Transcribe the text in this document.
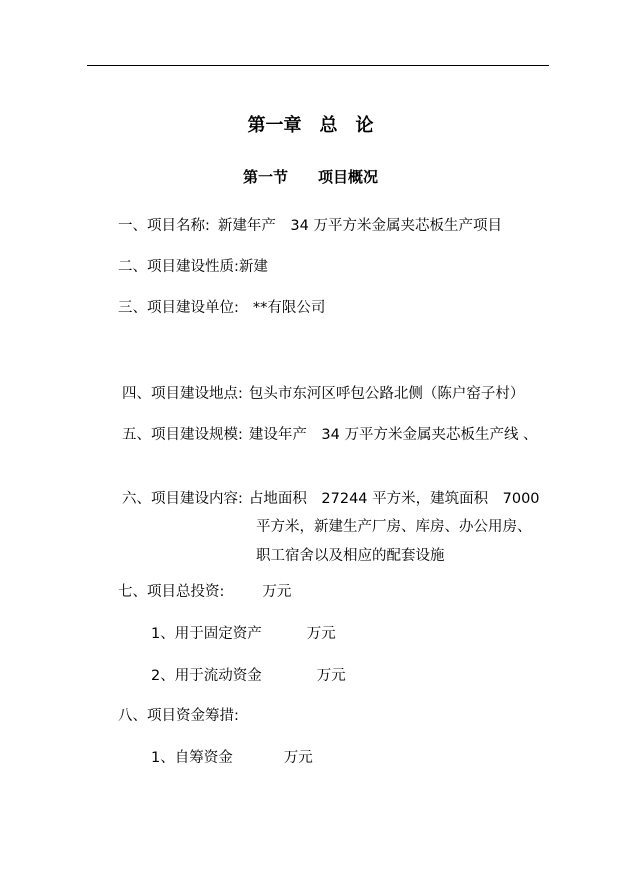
第一章　总　论
第一节　　项目概况
一、项目名称: 新建年产　34 万平方米金属夹芯板生产项目
二、项目建设性质:新建
三、项目建设单位: **有限公司
四、项目建设地点: 包头市东河区呼包公路北侧（陈户窑子村）
五、项目建设规模: 建设年产　34 万平方米金属夹芯板生产线 、
六、项目建设内容: 占地面积　27244 平方米，建筑面积　7000
平方米，新建生产厂房、库房、办公用房、
职工宿舍以及相应的配套设施
七、项目总投资:	万元
1、用于固定资产	万元
2、用于流动资金	万元
八、项目资金筹措:
1、自筹资金	万元
